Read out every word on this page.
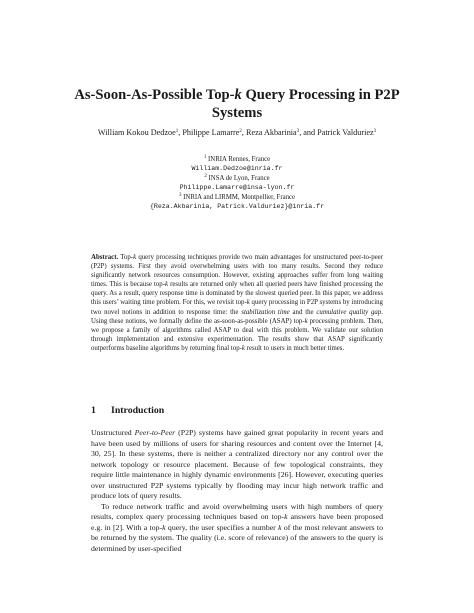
As-Soon-As-Possible Top-k Query Processing in P2P Systems
William Kokou Dedzoe$^1$, Philippe Lamarre$^2$, Reza Akbarinia$^3$, and Patrick Valduriez$^3$
$^1$ INRIA Rennes, France
William.Dedzoe@inria.fr
$^2$ INSA de Lyon, France
Philippe.Lamarre@insa-lyon.fr
$^3$ INRIA and LIRMM, Montpellier, France
{Reza.Akbarinia, Patrick.Valduriez}@inria.fr

Abstract. Top-k query processing techniques provide two main advantages for unstructured peer-to-peer (P2P) systems. First they avoid overwhelming users with too many results. Second they reduce significantly network resources consumption. However, existing approaches suffer from long waiting times. This is because top-k results are returned only when all queried peers have finished processing the query. As a result, query response time is dominated by the slowest queried peer. In this paper, we address this users’ waiting time problem. For this, we revisit top-k query processing in P2P systems by introducing two novel notions in addition to response time: the stabilization time and the cumulative quality gap. Using these notions, we formally define the as-soon-as-possible (ASAP) top-k processing problem. Then, we propose a family of algorithms called ASAP to deal with this problem. We validate our solution through implementation and extensive experimentation. The results show that ASAP significantly outperforms baseline algorithms by returning final top-k result to users in much better times.

1 Introduction

Unstructured Peer-to-Peer (P2P) systems have gained great popularity in recent years and have been used by millions of users for sharing resources and content over the Internet [4, 30, 25]. In these systems, there is neither a centralized directory nor any control over the network topology or resource placement. Because of few topological constraints, they require little maintenance in highly dynamic environments [26]. However, executing queries over unstructured P2P systems typically by flooding may incur high network traffic and produce lots of query results.

To reduce network traffic and avoid overwhelming users with high numbers of query results, complex query processing techniques based on top-k answers have been proposed e.g. in [2]. With a top-k query, the user specifies a number k of the most relevant answers to be returned by the system. The quality (i.e. score of relevance) of the answers to the query is determined by user-specified
